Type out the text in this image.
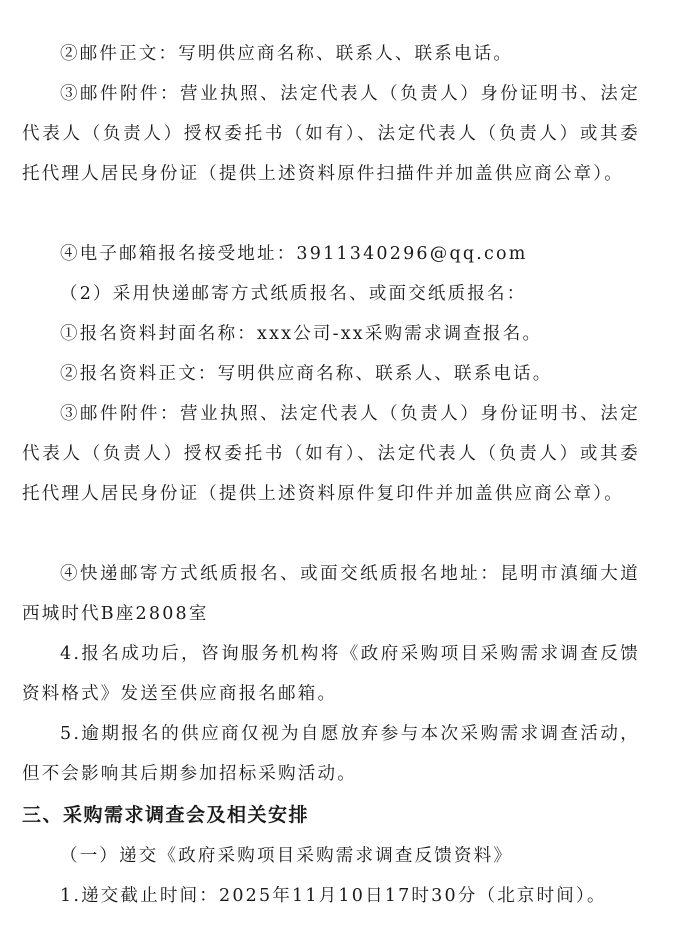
②邮件正文：写明供应商名称、联系人、联系电话。

③邮件附件：营业执照、法定代表人（负责人）身份证明书、法定代表人（负责人）授权委托书（如有）、法定代表人（负责人）或其委托代理人居民身份证（提供上述资料原件扫描件并加盖供应商公章）。

④电子邮箱报名接受地址：3911340296@qq.com

（2）采用快递邮寄方式纸质报名、或面交纸质报名：

①报名资料封面名称：xxx公司-xx采购需求调查报名。

②报名资料正文：写明供应商名称、联系人、联系电话。

③邮件附件：营业执照、法定代表人（负责人）身份证明书、法定代表人（负责人）授权委托书（如有）、法定代表人（负责人）或其委托代理人居民身份证（提供上述资料原件复印件并加盖供应商公章）。

④快递邮寄方式纸质报名、或面交纸质报名地址：昆明市滇缅大道西城时代B座2808室

4.报名成功后，咨询服务机构将《政府采购项目采购需求调查反馈资料格式》发送至供应商报名邮箱。

5.逾期报名的供应商仅视为自愿放弃参与本次采购需求调查活动，但不会影响其后期参加招标采购活动。

三、采购需求调查会及相关安排

（一）递交《政府采购项目采购需求调查反馈资料》

1.递交截止时间：2025年11月10日17时30分（北京时间）。
